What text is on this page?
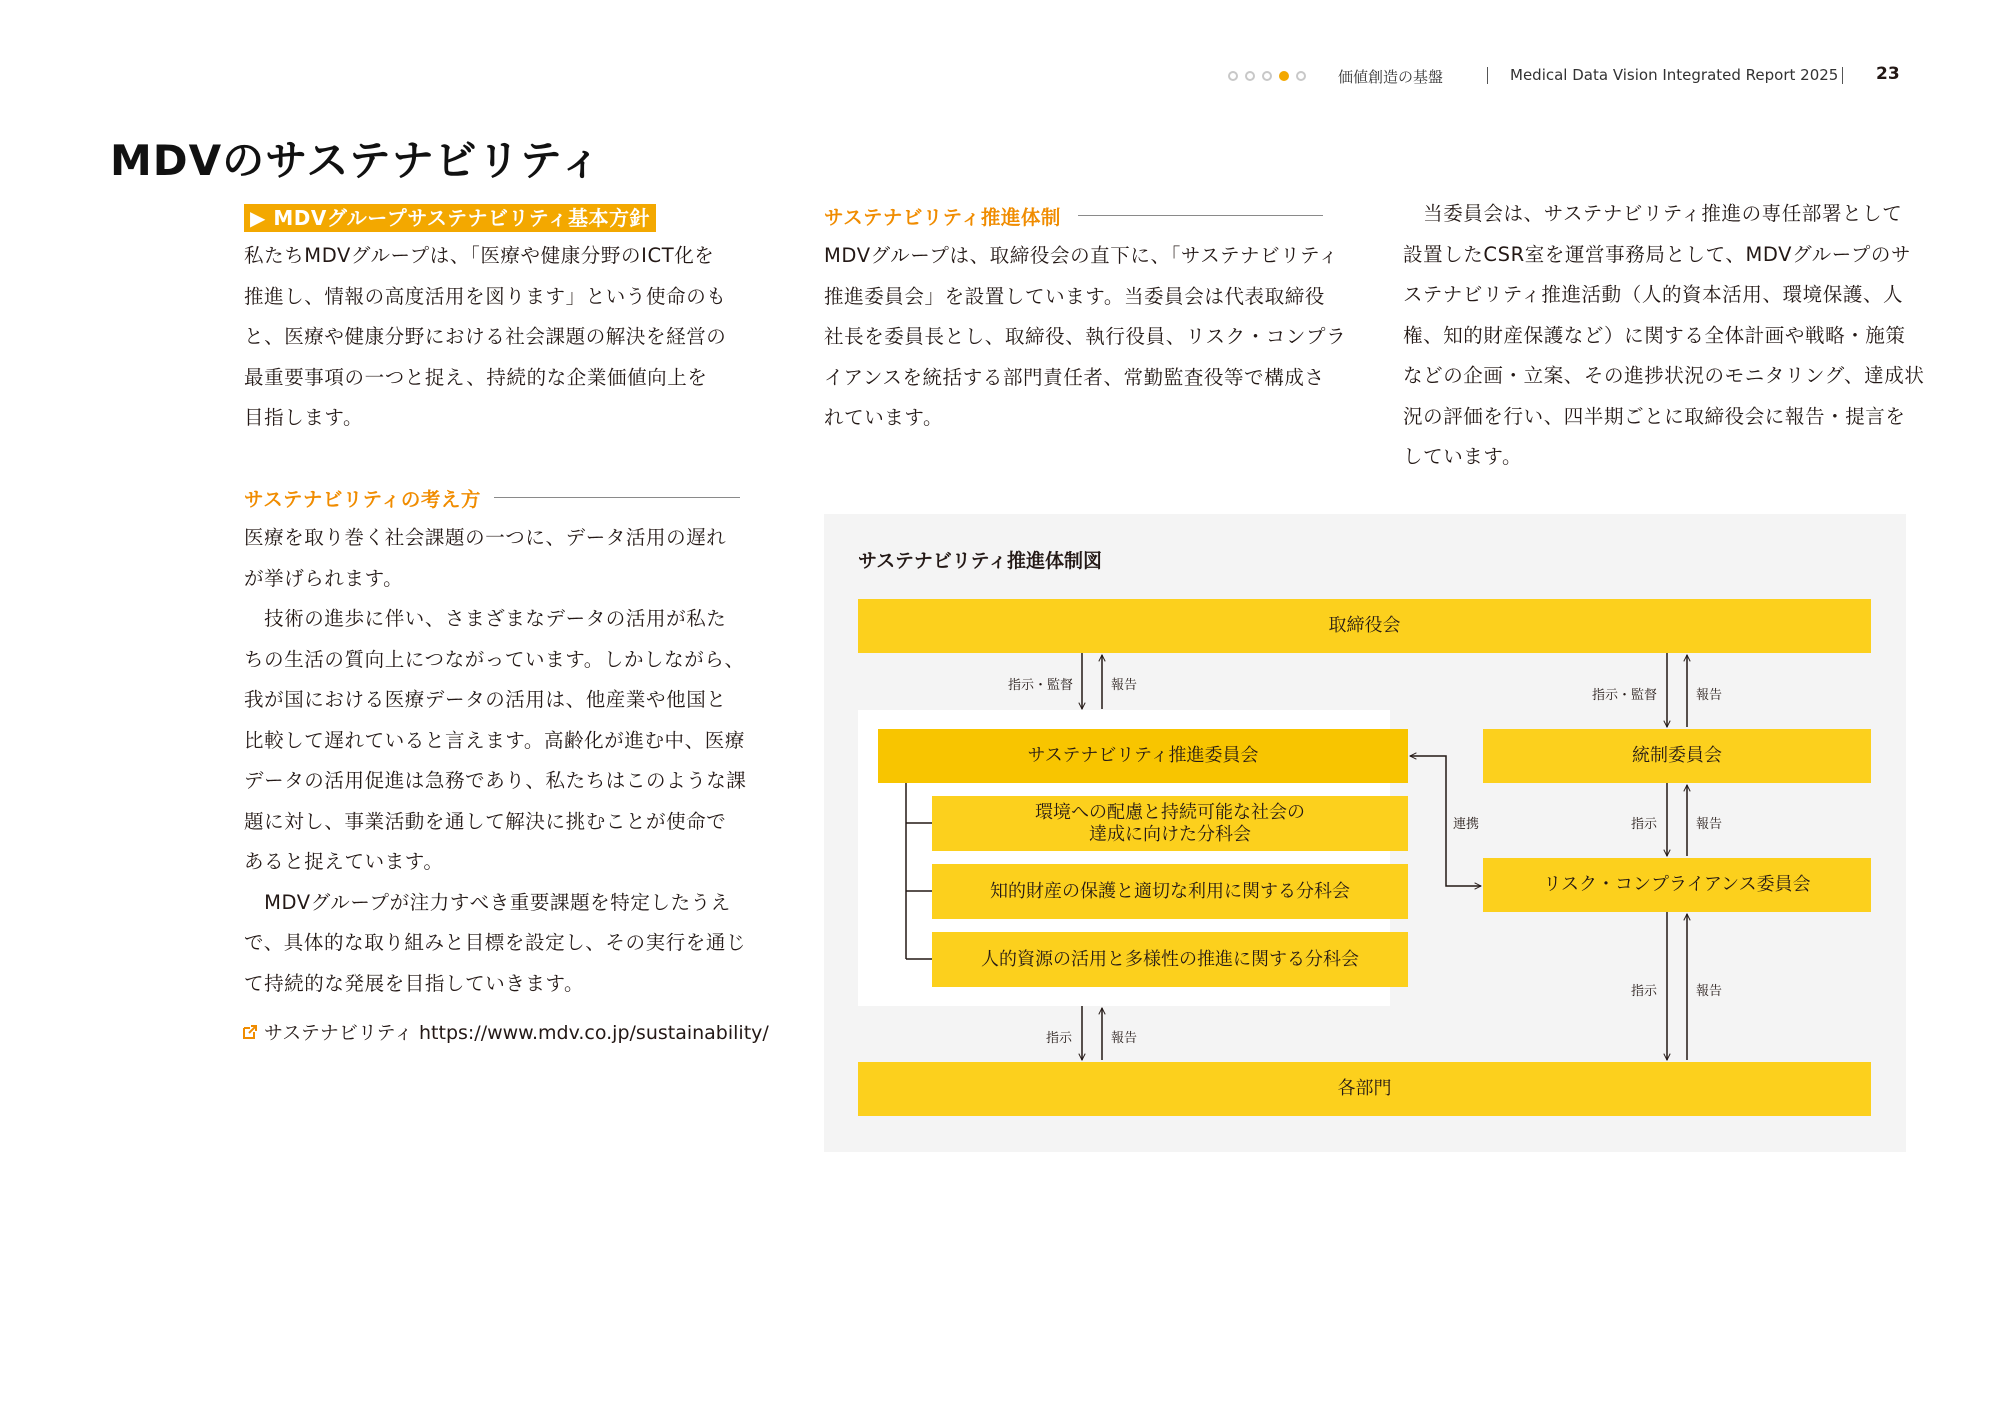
価値創造の基盤	Medical Data Vision Integrated Report 2025 23
MDVのサステナビリティ
▶ MDVグループサステナビリティ基本方針
私たちMDVグループは、「医療や健康分野のICT化を
推進し、情報の高度活用を図ります」という使命のも
と、医療や健康分野における社会課題の解決を経営の
最重要事項の一つと捉え、持続的な企業価値向上を
目指します。
サステナビリティの考え方
医療を取り巻く社会課題の一つに、データ活用の遅れ
が挙げられます。
　技術の進歩に伴い、さまざまなデータの活用が私た
ちの生活の質向上につながっています。しかしながら、
我が国における医療データの活用は、他産業や他国と
比較して遅れていると言えます。高齢化が進む中、医療
データの活用促進は急務であり、私たちはこのような課
題に対し、事業活動を通して解決に挑むことが使命で
あると捉えています。
　MDVグループが注力すべき重要課題を特定したうえ
で、具体的な取り組みと目標を設定し、その実行を通じ
て持続的な発展を目指していきます。
サステナビリティ https://www.mdv.co.jp/sustainability/
サステナビリティ推進体制
MDVグループは、取締役会の直下に、「サステナビリティ
推進委員会」を設置しています。当委員会は代表取締役
社長を委員長とし、取締役、執行役員、リスク・コンプラ
イアンスを統括する部門責任者、常勤監査役等で構成さ
れています。
　当委員会は、サステナビリティ推進の専任部署として
設置したCSR室を運営事務局として、MDVグループのサ
ステナビリティ推進活動（人的資本活用、環境保護、人
権、知的財産保護など）に関する全体計画や戦略・施策
などの企画・立案、その進捗状況のモニタリング、達成状
況の評価を行い、四半期ごとに取締役会に報告・提言を
しています。
サステナビリティ推進体制図
取締役会
サステナビリティ推進委員会
環境への配慮と持続可能な社会の
達成に向けた分科会
知的財産の保護と適切な利用に関する分科会
人的資源の活用と多様性の推進に関する分科会
統制委員会
リスク・コンプライアンス委員会
各部門
指示・監督	報告
指示・監督	報告
連携	指示	報告
指示	報告
指示	報告
